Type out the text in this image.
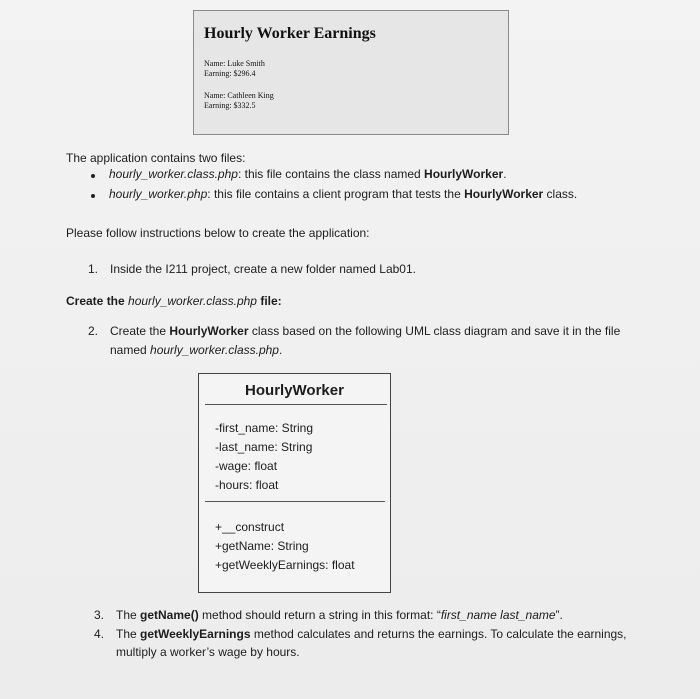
Hourly Worker Earnings
Name: Luke Smith
Earning: $296.4
Name: Cathleen King
Earning: $332.5
The application contains two files:
hourly_worker.class.php: this file contains the class named HourlyWorker.
hourly_worker.php: this file contains a client program that tests the HourlyWorker class.
Please follow instructions below to create the application:
1. Inside the I211 project, create a new folder named Lab01.
Create the hourly_worker.class.php file:
2. Create the HourlyWorker class based on the following UML class diagram and save it in the file
named hourly_worker.class.php.
HourlyWorker
-first_name: String
-last_name: String
-wage: float
-hours: float
+__construct
+getName: String
+getWeeklyEarnings: float
3. The getName() method should return a string in this format: “first_name last_name”.
4. The getWeeklyEarnings method calculates and returns the earnings. To calculate the earnings,
multiply a worker’s wage by hours.
